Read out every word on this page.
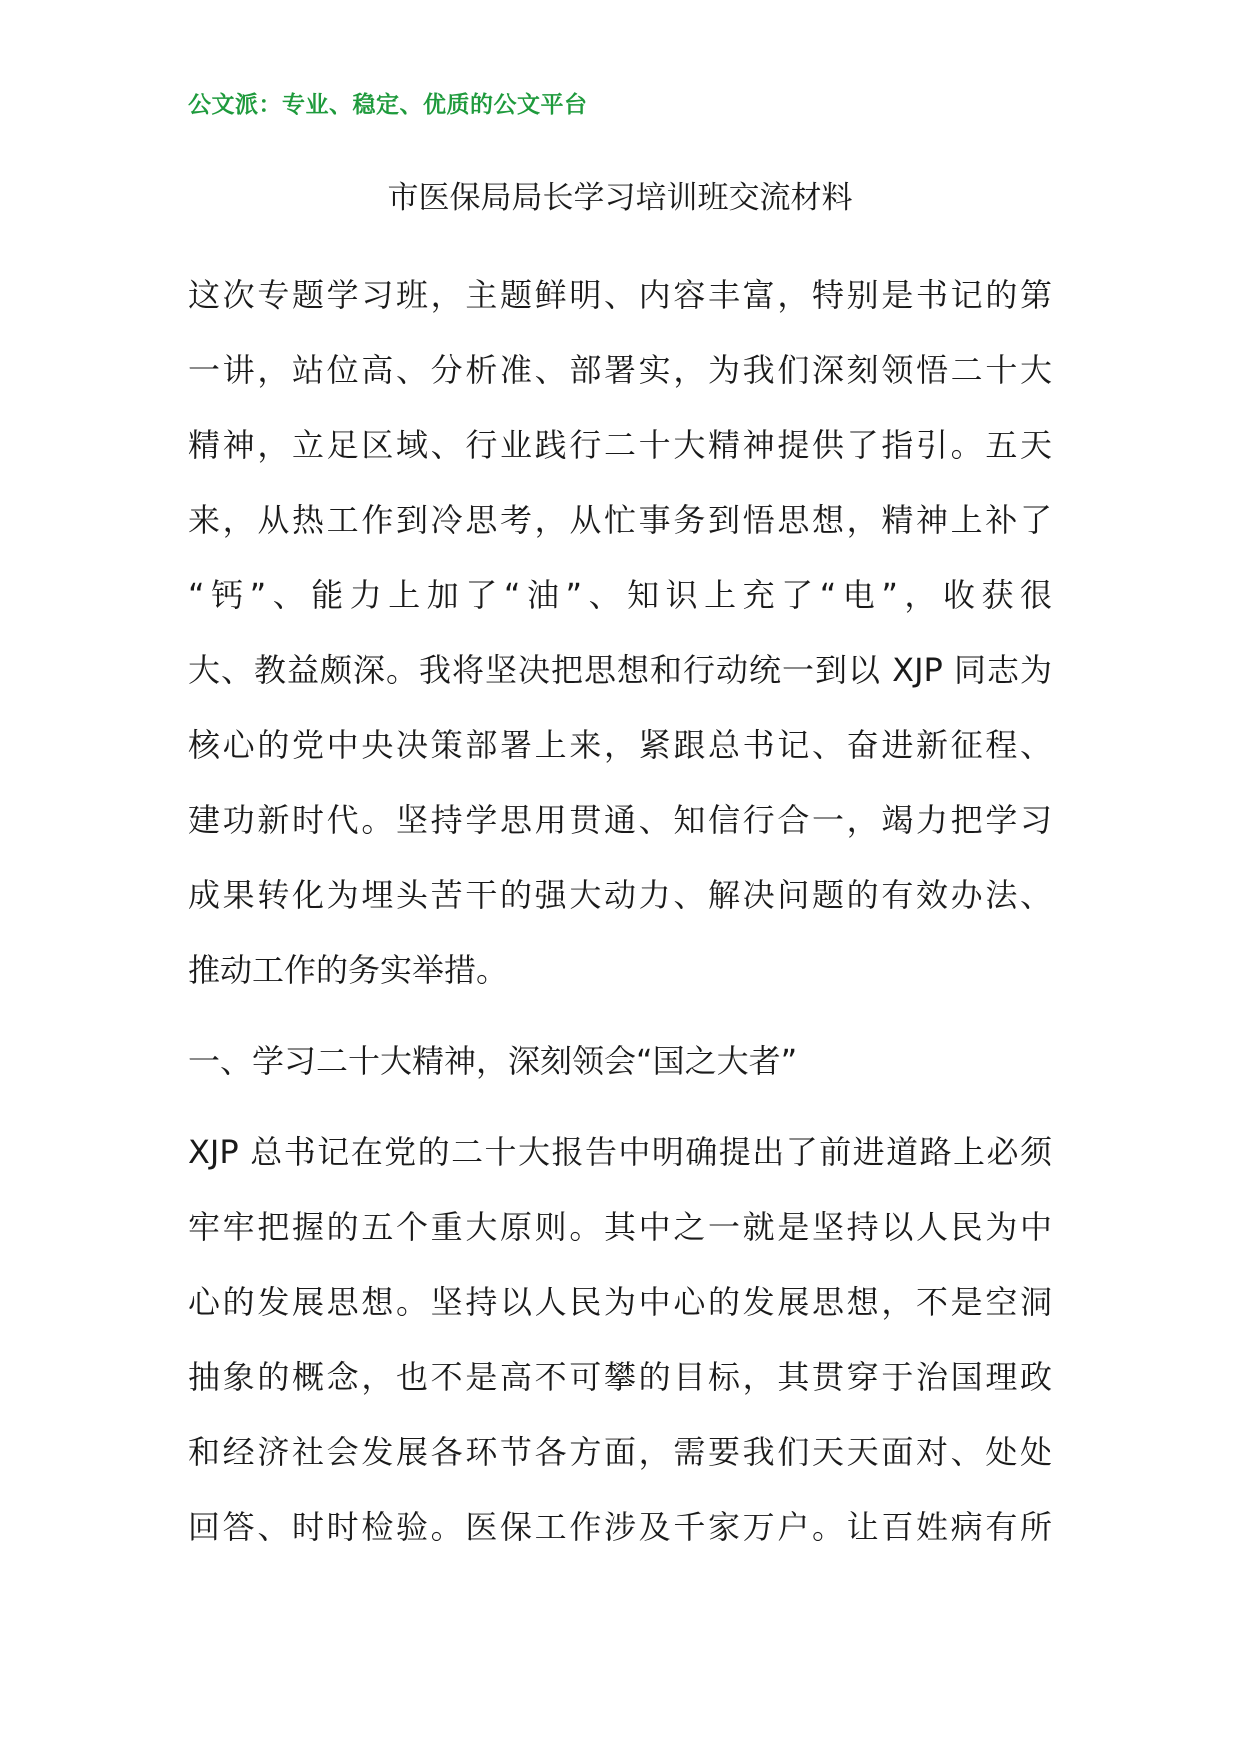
公文派：专业、稳定、优质的公文平台
市医保局局长学习培训班交流材料
这次专题学习班，主题鲜明、内容丰富，特别是书记的第
一讲，站位高、分析准、部署实，为我们深刻领悟二十大
精神，立足区域、行业践行二十大精神提供了指引。五天
来，从热工作到冷思考，从忙事务到悟思想，精神上补了
“钙”、能力上加了“油”、知识上充了“电”，收获很
大、教益颇深。我将坚决把思想和行动统一到以 XJP 同志为
核心的党中央决策部署上来，紧跟总书记、奋进新征程、
建功新时代。坚持学思用贯通、知信行合一，竭力把学习
成果转化为埋头苦干的强大动力、解决问题的有效办法、
推动工作的务实举措。
一、学习二十大精神，深刻领会“国之大者”
XJP 总书记在党的二十大报告中明确提出了前进道路上必须
牢牢把握的五个重大原则。其中之一就是坚持以人民为中
心的发展思想。坚持以人民为中心的发展思想，不是空洞
抽象的概念，也不是高不可攀的目标，其贯穿于治国理政
和经济社会发展各环节各方面，需要我们天天面对、处处
回答、时时检验。医保工作涉及千家万户。让百姓病有所
